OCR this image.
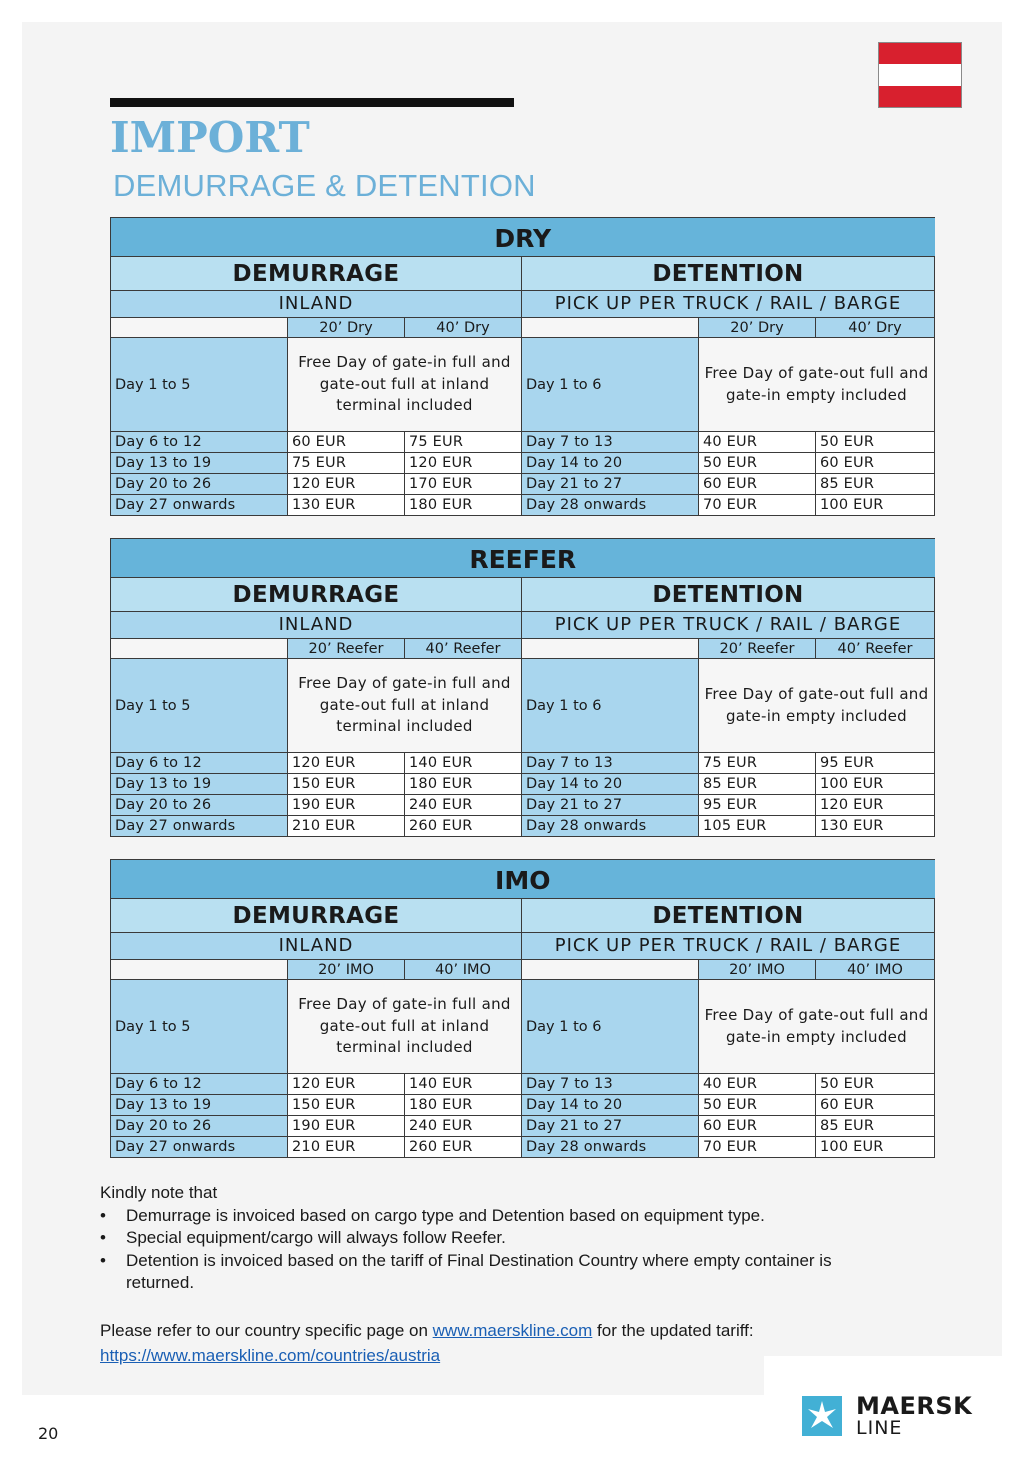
IMPORT
DEMURRAGE & DETENTION
DRY					
DEMURRAGE			DETENTION		
INLAND			PICK UP PER TRUCK / RAIL / BARGE		
	20’ Dry	40’ Dry		20’ Dry	40’ Dry
Day 1 to 5	Free Day of gate-in full and gate-out full at inland terminal included		Day 1 to 6	Free Day of gate-out full and gate-in empty included	
Day 6 to 12	60 EUR	75 EUR	Day 7 to 13	40 EUR	50 EUR
Day 13 to 19	75 EUR	120 EUR	Day 14 to 20	50 EUR	60 EUR
Day 20 to 26	120 EUR	170 EUR	Day 21 to 27	60 EUR	85 EUR
Day 27 onwards	130 EUR	180 EUR	Day 28 onwards	70 EUR	100 EUR
REEFER					
DEMURRAGE			DETENTION		
INLAND			PICK UP PER TRUCK / RAIL / BARGE		
	20’ Reefer	40’ Reefer		20’ Reefer	40’ Reefer
Day 1 to 5	Free Day of gate-in full and gate-out full at inland terminal included		Day 1 to 6	Free Day of gate-out full and gate-in empty included	
Day 6 to 12	120 EUR	140 EUR	Day 7 to 13	75 EUR	95 EUR
Day 13 to 19	150 EUR	180 EUR	Day 14 to 20	85 EUR	100 EUR
Day 20 to 26	190 EUR	240 EUR	Day 21 to 27	95 EUR	120 EUR
Day 27 onwards	210 EUR	260 EUR	Day 28 onwards	105 EUR	130 EUR
IMO					
DEMURRAGE			DETENTION		
INLAND			PICK UP PER TRUCK / RAIL / BARGE		
	20’ IMO	40’ IMO		20’ IMO	40’ IMO
Day 1 to 5	Free Day of gate-in full and gate-out full at inland terminal included		Day 1 to 6	Free Day of gate-out full and gate-in empty included	
Day 6 to 12	120 EUR	140 EUR	Day 7 to 13	40 EUR	50 EUR
Day 13 to 19	150 EUR	180 EUR	Day 14 to 20	50 EUR	60 EUR
Day 20 to 26	190 EUR	240 EUR	Day 21 to 27	60 EUR	85 EUR
Day 27 onwards	210 EUR	260 EUR	Day 28 onwards	70 EUR	100 EUR
Kindly note that
• Demurrage is invoiced based on cargo type and Detention based on equipment type.
• Special equipment/cargo will always follow Reefer.
• Detention is invoiced based on the tariff of Final Destination Country where empty container is returned.
Please refer to our country specific page on www.maerskline.com for the updated tariff:
https://www.maerskline.com/countries/austria
20
MAERSK
LINE
